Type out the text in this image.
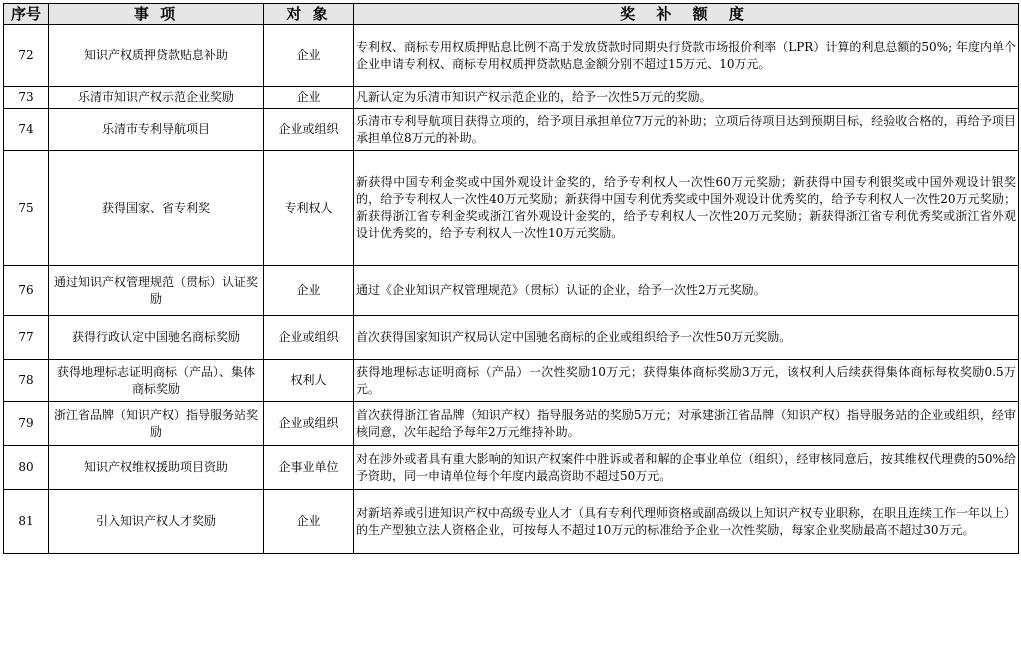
序号	事 项	对 象	奖 补 额 度
72	知识产权质押贷款贴息补助	企业	专利权、商标专用权质押贴息比例不高于发放贷款时同期央行贷款市场报价利率（LPR）计算的利息总额的50%; 年度内单个企业申请专利权、商标专用权质押贷款贴息金额分别不超过15万元、10万元。
73	乐清市知识产权示范企业奖励	企业	凡新认定为乐清市知识产权示范企业的，给予一次性5万元的奖励。
74	乐清市专利导航项目	企业或组织	乐清市专利导航项目获得立项的，给予项目承担单位7万元的补助；立项后待项目达到预期目标，经验收合格的，再给予项目承担单位8万元的补助。
75	获得国家、省专利奖	专利权人	新获得中国专利金奖或中国外观设计金奖的，给予专利权人一次性60万元奖励；新获得中国专利银奖或中国外观设计银奖的，给予专利权人一次性40万元奖励；新获得中国专利优秀奖或中国外观设计优秀奖的，给予专利权人一次性20万元奖励；新获得浙江省专利金奖或浙江省外观设计金奖的，给予专利权人一次性20万元奖励；新获得浙江省专利优秀奖或浙江省外观设计优秀奖的，给予专利权人一次性10万元奖励。
76	通过知识产权管理规范（贯标）认证奖励	企业	通过《企业知识产权管理规范》（贯标）认证的企业，给予一次性2万元奖励。
77	获得行政认定中国驰名商标奖励	企业或组织	首次获得国家知识产权局认定中国驰名商标的企业或组织给予一次性50万元奖励。
78	获得地理标志证明商标（产品）、集体商标奖励	权利人	获得地理标志证明商标（产品）一次性奖励10万元；获得集体商标奖励3万元，该权利人后续获得集体商标每枚奖励0.5万元。
79	浙江省品牌（知识产权）指导服务站奖励	企业或组织	首次获得浙江省品牌（知识产权）指导服务站的奖励5万元；对承建浙江省品牌（知识产权）指导服务站的企业或组织，经审核同意，次年起给予每年2万元维持补助。
80	知识产权维权援助项目资助	企事业单位	对在涉外或者具有重大影响的知识产权案件中胜诉或者和解的企事业单位（组织），经审核同意后，按其维权代理费的50%给予资助，同一申请单位每个年度内最高资助不超过50万元。
81	引入知识产权人才奖励	企业	对新培养或引进知识产权中高级专业人才（具有专利代理师资格或副高级以上知识产权专业职称，在职且连续工作一年以上）的生产型独立法人资格企业，可按每人不超过10万元的标准给予企业一次性奖励，每家企业奖励最高不超过30万元。
